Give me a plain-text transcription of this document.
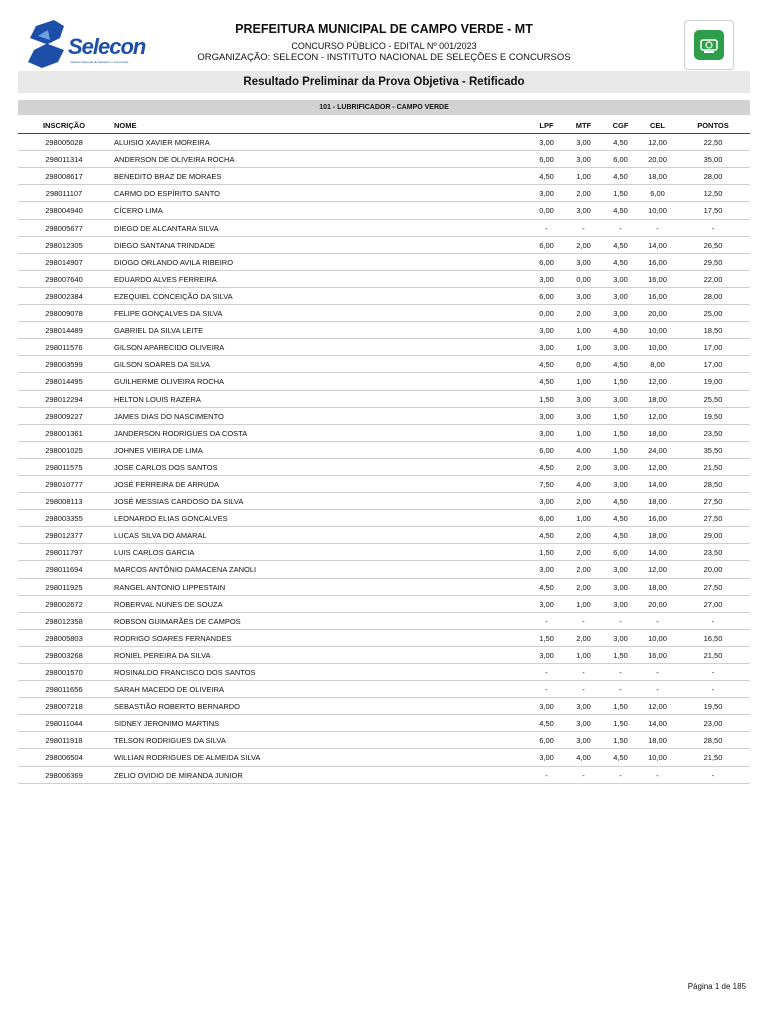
Selecon
Instituto Nacional de Seleções e Concursos
PREFEITURA MUNICIPAL DE CAMPO VERDE - MT
CONCURSO PÚBLICO - EDITAL Nº 001/2023
ORGANIZAÇÃO: SELECON - INSTITUTO NACIONAL DE SELEÇÕES E CONCURSOS
Resultado Preliminar da Prova Objetiva - Retificado
101 - LUBRIFICADOR - CAMPO VERDE
INSCRIÇÃO	NOME	LPF	MTF	CGF	CEL	PONTOS
298005028	ALUISIO XAVIER MOREIRA	3,00	3,00	4,50	12,00	22,50
298011314	ANDERSON DE OLIVEIRA ROCHA	6,00	3,00	6,00	20,00	35,00
298008617	BENEDITO BRAZ DE MORAES	4,50	1,00	4,50	18,00	28,00
298011107	CARMO DO ESPÍRITO SANTO	3,00	2,00	1,50	6,00	12,50
298004940	CÍCERO LIMA	0,00	3,00	4,50	10,00	17,50
298005677	DIEGO DE ALCANTARA SILVA	-	-	-	-	-
298012305	DIEGO SANTANA TRINDADE	6,00	2,00	4,50	14,00	26,50
298014907	DIOGO ORLANDO AVILA RIBEIRO	6,00	3,00	4,50	16,00	29,50
298007640	EDUARDO ALVES FERREIRA	3,00	0,00	3,00	16,00	22,00
298002384	EZEQUIEL CONCEIÇÃO DA SILVA	6,00	3,00	3,00	16,00	28,00
298009078	FELIPE GONÇALVES DA SILVA	0,00	2,00	3,00	20,00	25,00
298014489	GABRIEL DA SILVA LEITE	3,00	1,00	4,50	10,00	18,50
298011576	GILSON APARECIDO OLIVEIRA	3,00	1,00	3,00	10,00	17,00
298003599	GILSON SOARES DA SILVA	4,50	0,00	4,50	8,00	17,00
298014495	GUILHERME OLIVEIRA ROCHA	4,50	1,00	1,50	12,00	19,00
298012294	HELTON LOUIS RAZERA	1,50	3,00	3,00	18,00	25,50
298009227	JAMES DIAS DO NASCIMENTO	3,00	3,00	1,50	12,00	19,50
298001361	JANDERSON RODRIGUES DA COSTA	3,00	1,00	1,50	18,00	23,50
298001025	JOHNES VIEIRA DE LIMA	6,00	4,00	1,50	24,00	35,50
298011575	JOSE CARLOS DOS SANTOS	4,50	2,00	3,00	12,00	21,50
298010777	JOSÉ FERREIRA DE ARRUDA	7,50	4,00	3,00	14,00	28,50
298008113	JOSÉ MESSIAS CARDOSO DA SILVA	3,00	2,00	4,50	18,00	27,50
298003355	LEONARDO ELIAS GONCALVES	6,00	1,00	4,50	16,00	27,50
298012377	LUCAS SILVA DO AMARAL	4,50	2,00	4,50	18,00	29,00
298011797	LUIS CARLOS GARCIA	1,50	2,00	6,00	14,00	23,50
298011694	MARCOS ANTÔNIO DAMACENA ZANOLI	3,00	2,00	3,00	12,00	20,00
298011925	RANGEL ANTONIO LIPPESTAIN	4,50	2,00	3,00	18,00	27,50
298002672	ROBERVAL NUNES DE SOUZA	3,00	1,00	3,00	20,00	27,00
298012358	ROBSON GUIMARÃES DE CAMPOS	-	-	-	-	-
298005803	RODRIGO SOARES FERNANDES	1,50	2,00	3,00	10,00	16,50
298003268	RONIEL PEREIRA DA SILVA	3,00	1,00	1,50	16,00	21,50
298001570	ROSINALDO FRANCISCO DOS SANTOS	-	-	-	-	-
298011656	SARAH MACEDO DE OLIVEIRA	-	-	-	-	-
298007218	SEBASTIÃO ROBERTO BERNARDO	3,00	3,00	1,50	12,00	19,50
298011044	SIDNEY JERONIMO MARTINS	4,50	3,00	1,50	14,00	23,00
298011918	TELSON RODRIGUES DA SILVA	6,00	3,00	1,50	18,00	28,50
298006504	WILLIAN RODRIGUES DE ALMEIDA SILVA	3,00	4,00	4,50	10,00	21,50
298006369	ZELIO OVIDIO DE MIRANDA JUNIOR	-	-	-	-	-
Página 1 de 185
